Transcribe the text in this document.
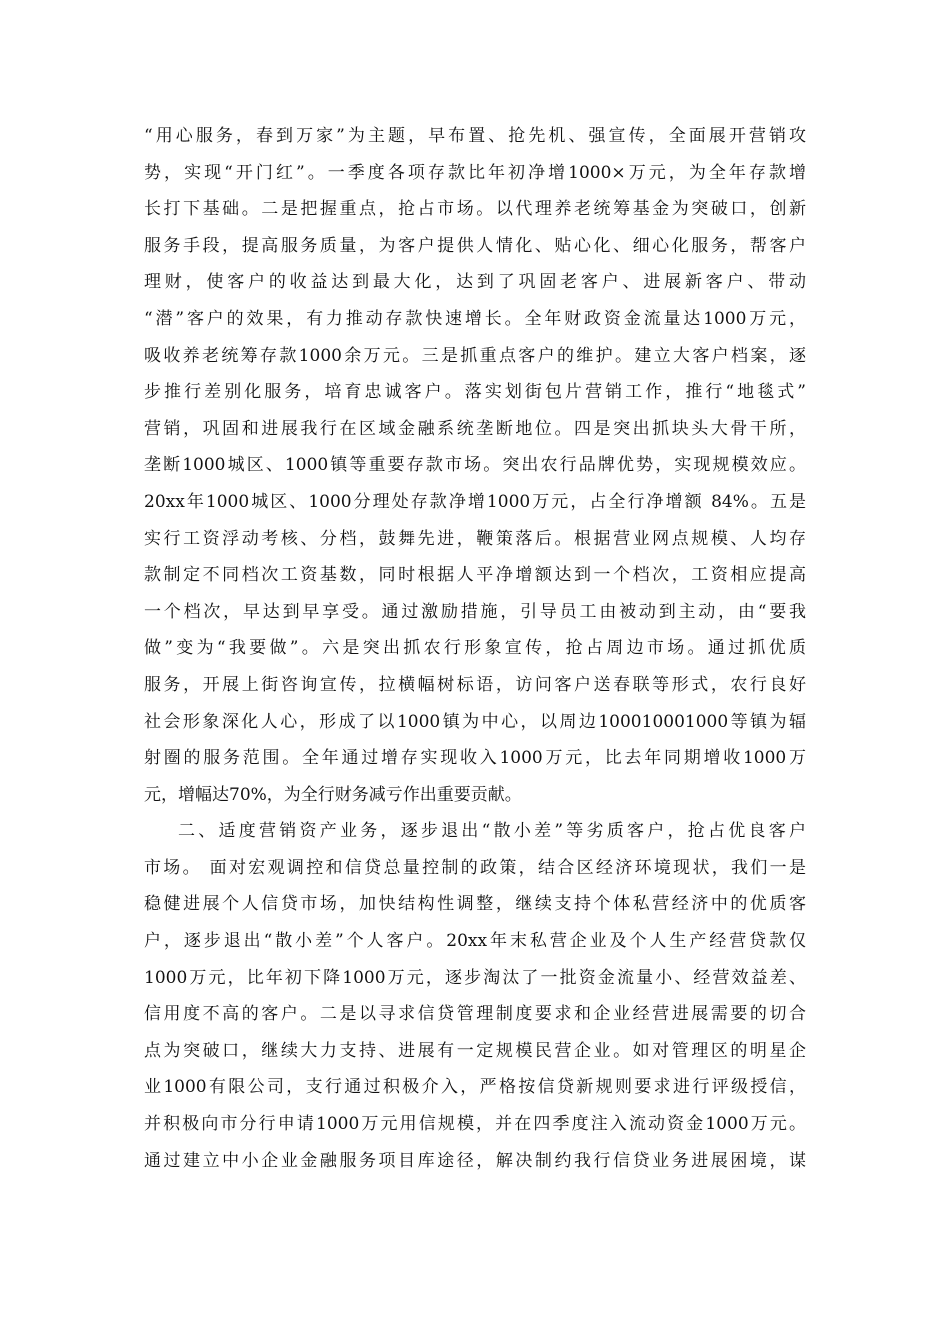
“用心服务，春到万家”为主题，早布置、抢先机、强宣传，全面展开营销攻
势，实现“开门红”。一季度各项存款比年初净增1000×万元，为全年存款增
长打下基础。二是把握重点，抢占市场。以代理养老统筹基金为突破口，创新
服务手段，提高服务质量，为客户提供人情化、贴心化、细心化服务，帮客户
理财，使客户的收益达到最大化，达到了巩固老客户、进展新客户、带动
“潜”客户的效果，有力推动存款快速增长。全年财政资金流量达1000万元，
吸收养老统筹存款1000余万元。三是抓重点客户的维护。建立大客户档案，逐
步推行差别化服务，培育忠诚客户。落实划街包片营销工作，推行“地毯式”
营销，巩固和进展我行在区域金融系统垄断地位。四是突出抓块头大骨干所，
垄断1000城区、1000镇等重要存款市场。突出农行品牌优势，实现规模效应。
20xx年1000城区、1000分理处存款净增1000万元，占全行净增额 84%。五是
实行工资浮动考核、分档，鼓舞先进，鞭策落后。根据营业网点规模、人均存
款制定不同档次工资基数，同时根据人平净增额达到一个档次，工资相应提高
一个档次，早达到早享受。通过激励措施，引导员工由被动到主动，由“要我
做”变为“我要做”。六是突出抓农行形象宣传，抢占周边市场。通过抓优质
服务，开展上街咨询宣传，拉横幅树标语，访问客户送春联等形式，农行良好
社会形象深化人心，形成了以1000镇为中心，以周边100010001000等镇为辐
射圈的服务范围。全年通过增存实现收入1000万元，比去年同期增收1000万
元，增幅达70%，为全行财务减亏作出重要贡献。
二、适度营销资产业务，逐步退出“散小差”等劣质客户，抢占优良客户
市场。 面对宏观调控和信贷总量控制的政策，结合区经济环境现状，我们一是
稳健进展个人信贷市场，加快结构性调整，继续支持个体私营经济中的优质客
户，逐步退出“散小差”个人客户。20xx年末私营企业及个人生产经营贷款仅
1000万元，比年初下降1000万元，逐步淘汰了一批资金流量小、经营效益差、
信用度不高的客户。二是以寻求信贷管理制度要求和企业经营进展需要的切合
点为突破口，继续大力支持、进展有一定规模民营企业。如对管理区的明星企
业1000有限公司，支行通过积极介入，严格按信贷新规则要求进行评级授信，
并积极向市分行申请1000万元用信规模，并在四季度注入流动资金1000万元。
通过建立中小企业金融服务项目库途径，解决制约我行信贷业务进展困境，谋
